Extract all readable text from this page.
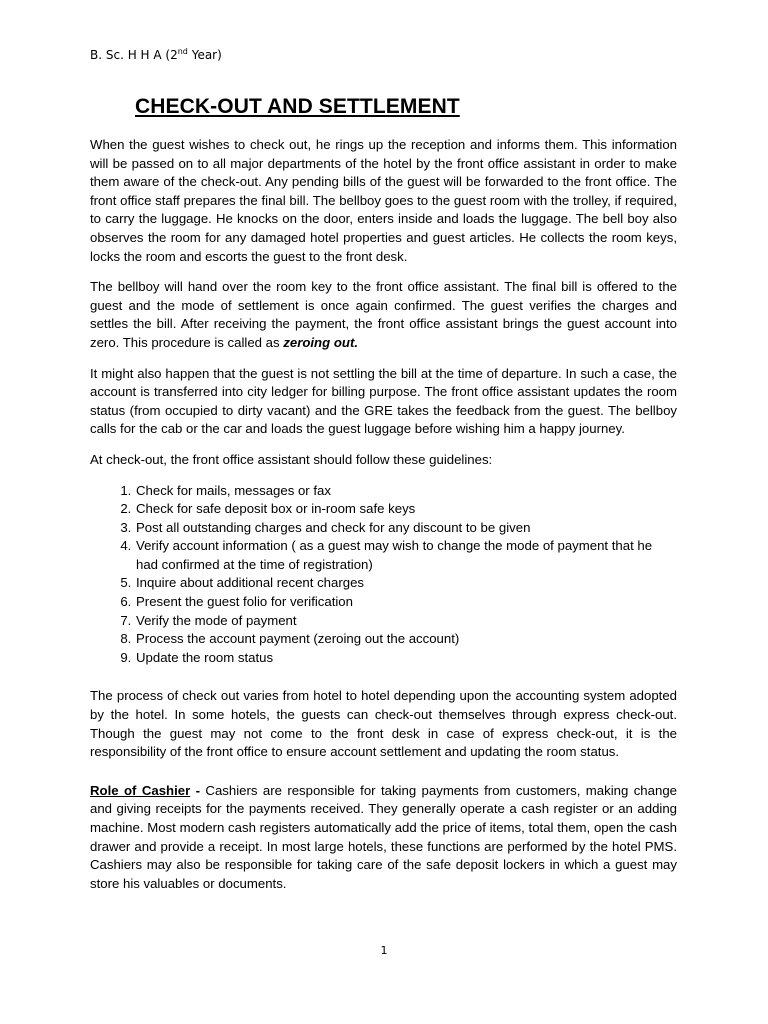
B. Sc. H H A (2nd Year)
CHECK-OUT AND SETTLEMENT

When the guest wishes to check out, he rings up the reception and informs them. This information will be passed on to all major departments of the hotel by the front office assistant in order to make them aware of the check-out. Any pending bills of the guest will be forwarded to the front office. The front office staff prepares the final bill. The bellboy goes to the guest room with the trolley, if required, to carry the luggage. He knocks on the door, enters inside and loads the luggage. The bell boy also observes the room for any damaged hotel properties and guest articles. He collects the room keys, locks the room and escorts the guest to the front desk.

The bellboy will hand over the room key to the front office assistant. The final bill is offered to the guest and the mode of settlement is once again confirmed. The guest verifies the charges and settles the bill. After receiving the payment, the front office assistant brings the guest account into zero. This procedure is called as zeroing out.

It might also happen that the guest is not settling the bill at the time of departure. In such a case, the account is transferred into city ledger for billing purpose. The front office assistant updates the room status (from occupied to dirty vacant) and the GRE takes the feedback from the guest. The bellboy calls for the cab or the car and loads the guest luggage before wishing him a happy journey.

At check-out, the front office assistant should follow these guidelines:

1. Check for mails, messages or fax
2. Check for safe deposit box or in-room safe keys
3. Post all outstanding charges and check for any discount to be given
4. Verify account information ( as a guest may wish to change the mode of payment that he had confirmed at the time of registration)
5. Inquire about additional recent charges
6. Present the guest folio for verification
7. Verify the mode of payment
8. Process the account payment (zeroing out the account)
9. Update the room status

The process of check out varies from hotel to hotel depending upon the accounting system adopted by the hotel. In some hotels, the guests can check-out themselves through express check-out. Though the guest may not come to the front desk in case of express check-out, it is the responsibility of the front office to ensure account settlement and updating the room status.

Role of Cashier - Cashiers are responsible for taking payments from customers, making change and giving receipts for the payments received. They generally operate a cash register or an adding machine. Most modern cash registers automatically add the price of items, total them, open the cash drawer and provide a receipt. In most large hotels, these functions are performed by the hotel PMS. Cashiers may also be responsible for taking care of the safe deposit lockers in which a guest may store his valuables or documents.

1
